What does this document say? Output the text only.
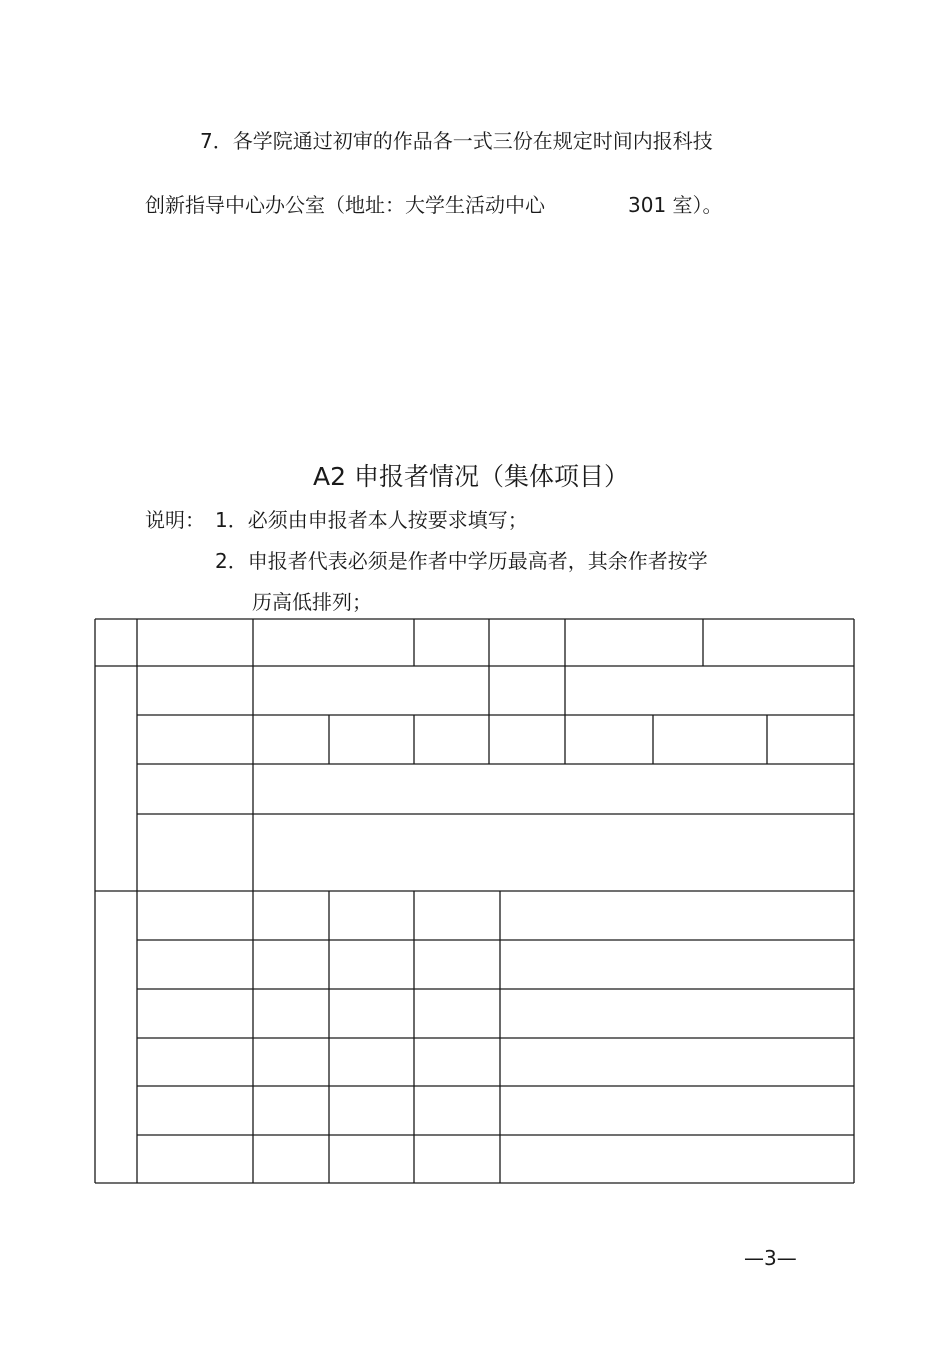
7．各学院通过初审的作品各一式三份在规定时间内报科技
创新指导中心办公室（地址：大学生活动中心	301 室）。
A2 申报者情况（集体项目）
说明： 1．必须由申报者本人按要求填写；
2．申报者代表必须是作者中学历最高者，其余作者按学
历高低排列；
—3—
